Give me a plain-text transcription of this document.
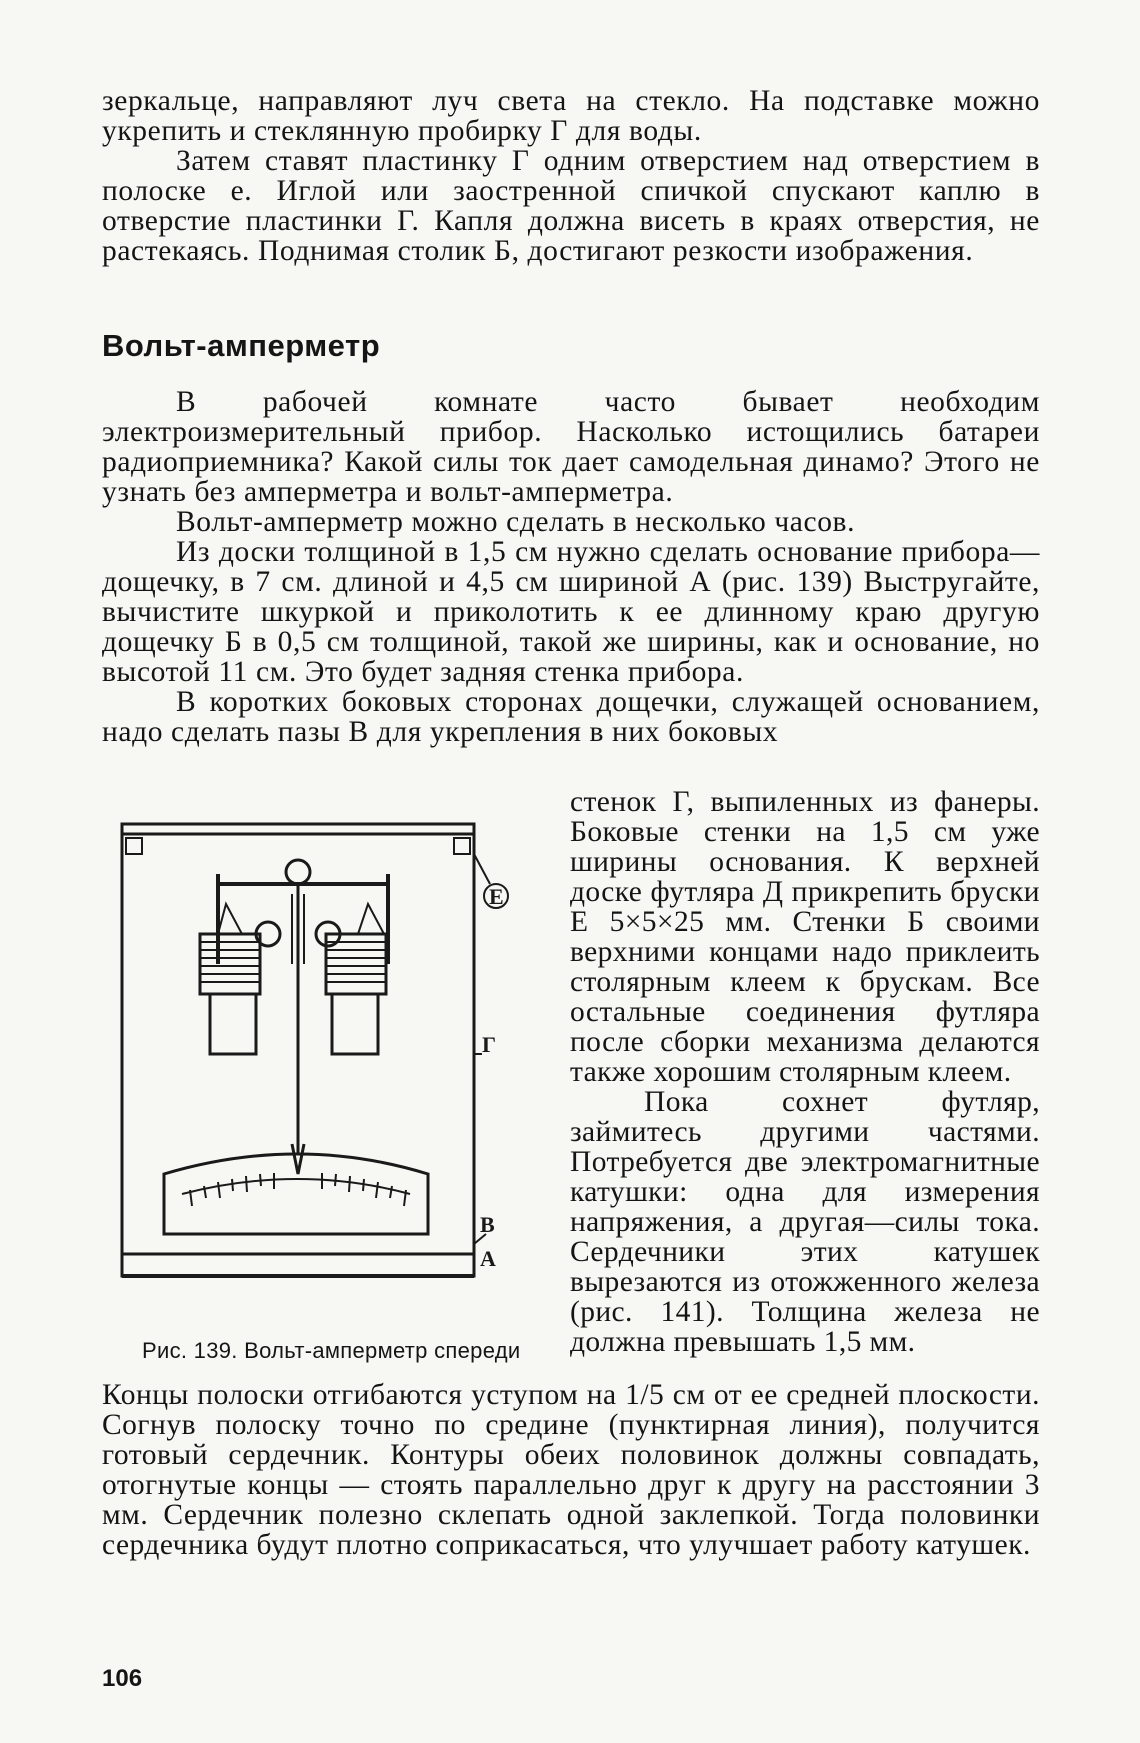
зеркальце, направляют луч света на стекло. На подставке можно укрепить и стеклянную пробирку Г для воды.

Затем ставят пластинку Г одним отверстием над отверстием в полоске е. Иглой или заостренной спичкой спускают каплю в отверстие пластинки Г. Капля должна висеть в краях отверстия, не растекаясь. Поднимая столик Б, достигают резкости изображения.

Вольт-амперметр

В рабочей комнате часто бывает необходим электроизмерительный прибор. Насколько истощились батареи радиоприемника? Какой силы ток дает самодельная динамо? Этого не узнать без амперметра и вольт-амперметра.

Вольт-амперметр можно сделать в несколько часов.

Из доски толщиной в 1,5 см нужно сделать основание прибора—дощечку, в 7 см. длиной и 4,5 см шириной А (рис. 139) Выстругайте, вычистите шкуркой и приколотить к ее длинному краю другую дощечку Б в 0,5 см толщиной, такой же ширины, как и основание, но высотой 11 см. Это будет задняя стенка прибора.

В коротких боковых сторонах дощечки, служащей основанием, надо сделать пазы В для укрепления в них боковых

Е
Г
В
А
Рис. 139. Вольт-амперметр спереди

стенок Г, выпиленных из фанеры. Боковые стенки на 1,5 см уже ширины основания. К верхней доске футляра Д прикрепить бруски Е 5×5×25 мм. Стенки Б своими верхними концами надо приклеить столярным клеем к брускам. Все остальные соединения футляра после сборки механизма делаются также хорошим столярным клеем.

Пока сохнет футляр, займитесь другими частями. Потребуется две электромагнитные катушки: одна для измерения напряжения, а другая—силы тока. Сердечники этих катушек вырезаются из отожженного железа (рис. 141). Толщина железа не должна превышать 1,5 мм.

Концы полоски отгибаются уступом на 1/5 см от ее средней плоскости. Согнув полоску точно по средине (пунктирная линия), получится готовый сердечник. Контуры обеих половинок должны совпадать, отогнутые концы — стоять параллельно друг к другу на расстоянии 3 мм. Сердечник полезно склепать одной заклепкой. Тогда половинки сердечника будут плотно соприкасаться, что улучшает работу катушек.

106
